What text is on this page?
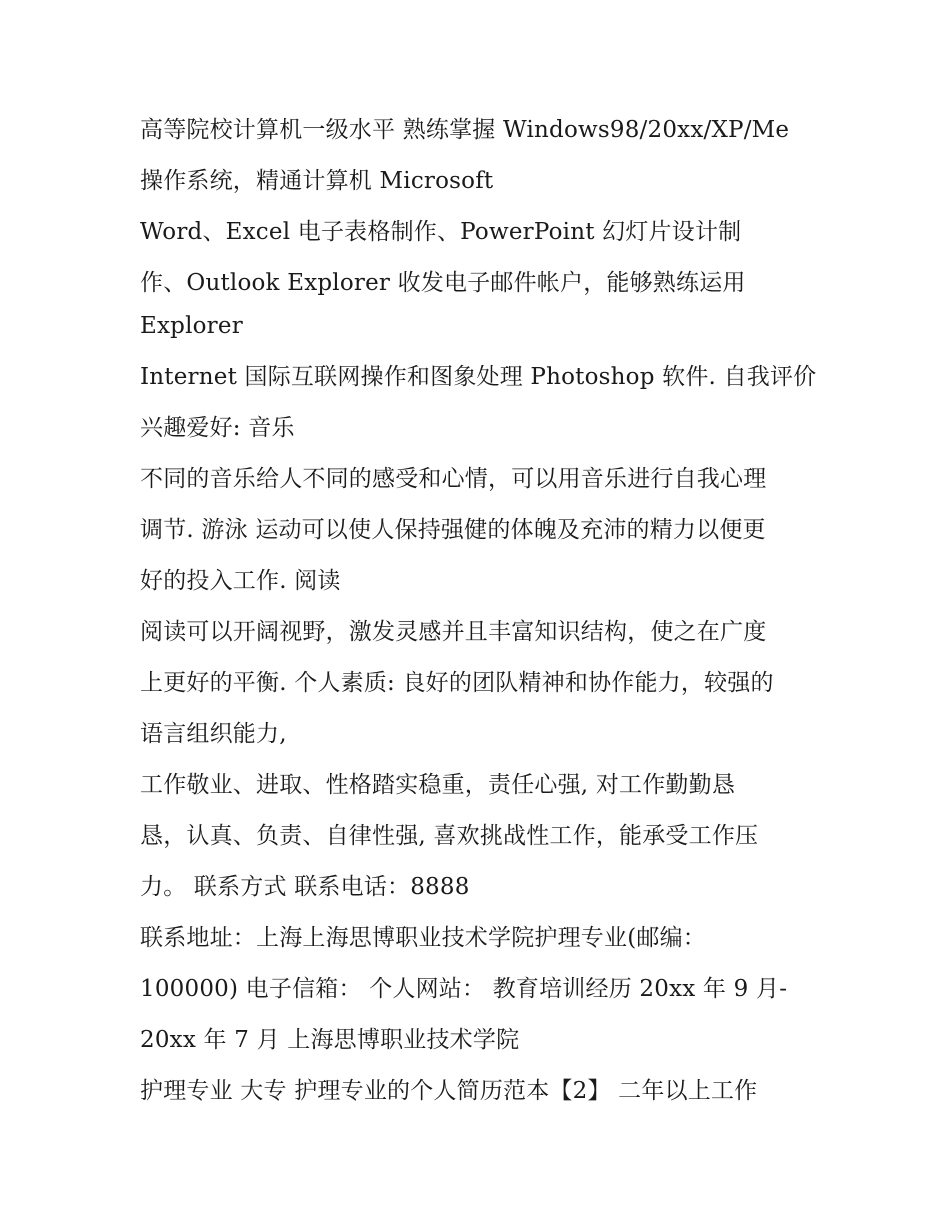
高等院校计算机一级水平 熟练掌握 Windows98/20xx/XP/Me
操作系统，精通计算机 Microsoft
Word、Excel 电子表格制作、PowerPoint 幻灯片设计制
作、Outlook Explorer 收发电子邮件帐户，能够熟练运用
Explorer
Internet 国际互联网操作和图象处理 Photoshop 软件. 自我评价
兴趣爱好: 音乐
不同的音乐给人不同的感受和心情，可以用音乐进行自我心理
调节. 游泳 运动可以使人保持强健的体魄及充沛的精力以便更
好的投入工作. 阅读
阅读可以开阔视野，激发灵感并且丰富知识结构，使之在广度
上更好的平衡. 个人素质: 良好的团队精神和协作能力，较强的
语言组织能力,
工作敬业、进取、性格踏实稳重，责任心强, 对工作勤勤恳
恳，认真、负责、自律性强, 喜欢挑战性工作，能承受工作压
力。 联系方式 联系电话：8888
联系地址：上海上海思博职业技术学院护理专业(邮编：
100000) 电子信箱： 个人网站： 教育培训经历 20xx 年 9 月-
20xx 年 7 月 上海思博职业技术学院
护理专业 大专 护理专业的个人简历范本【2】 二年以上工作
